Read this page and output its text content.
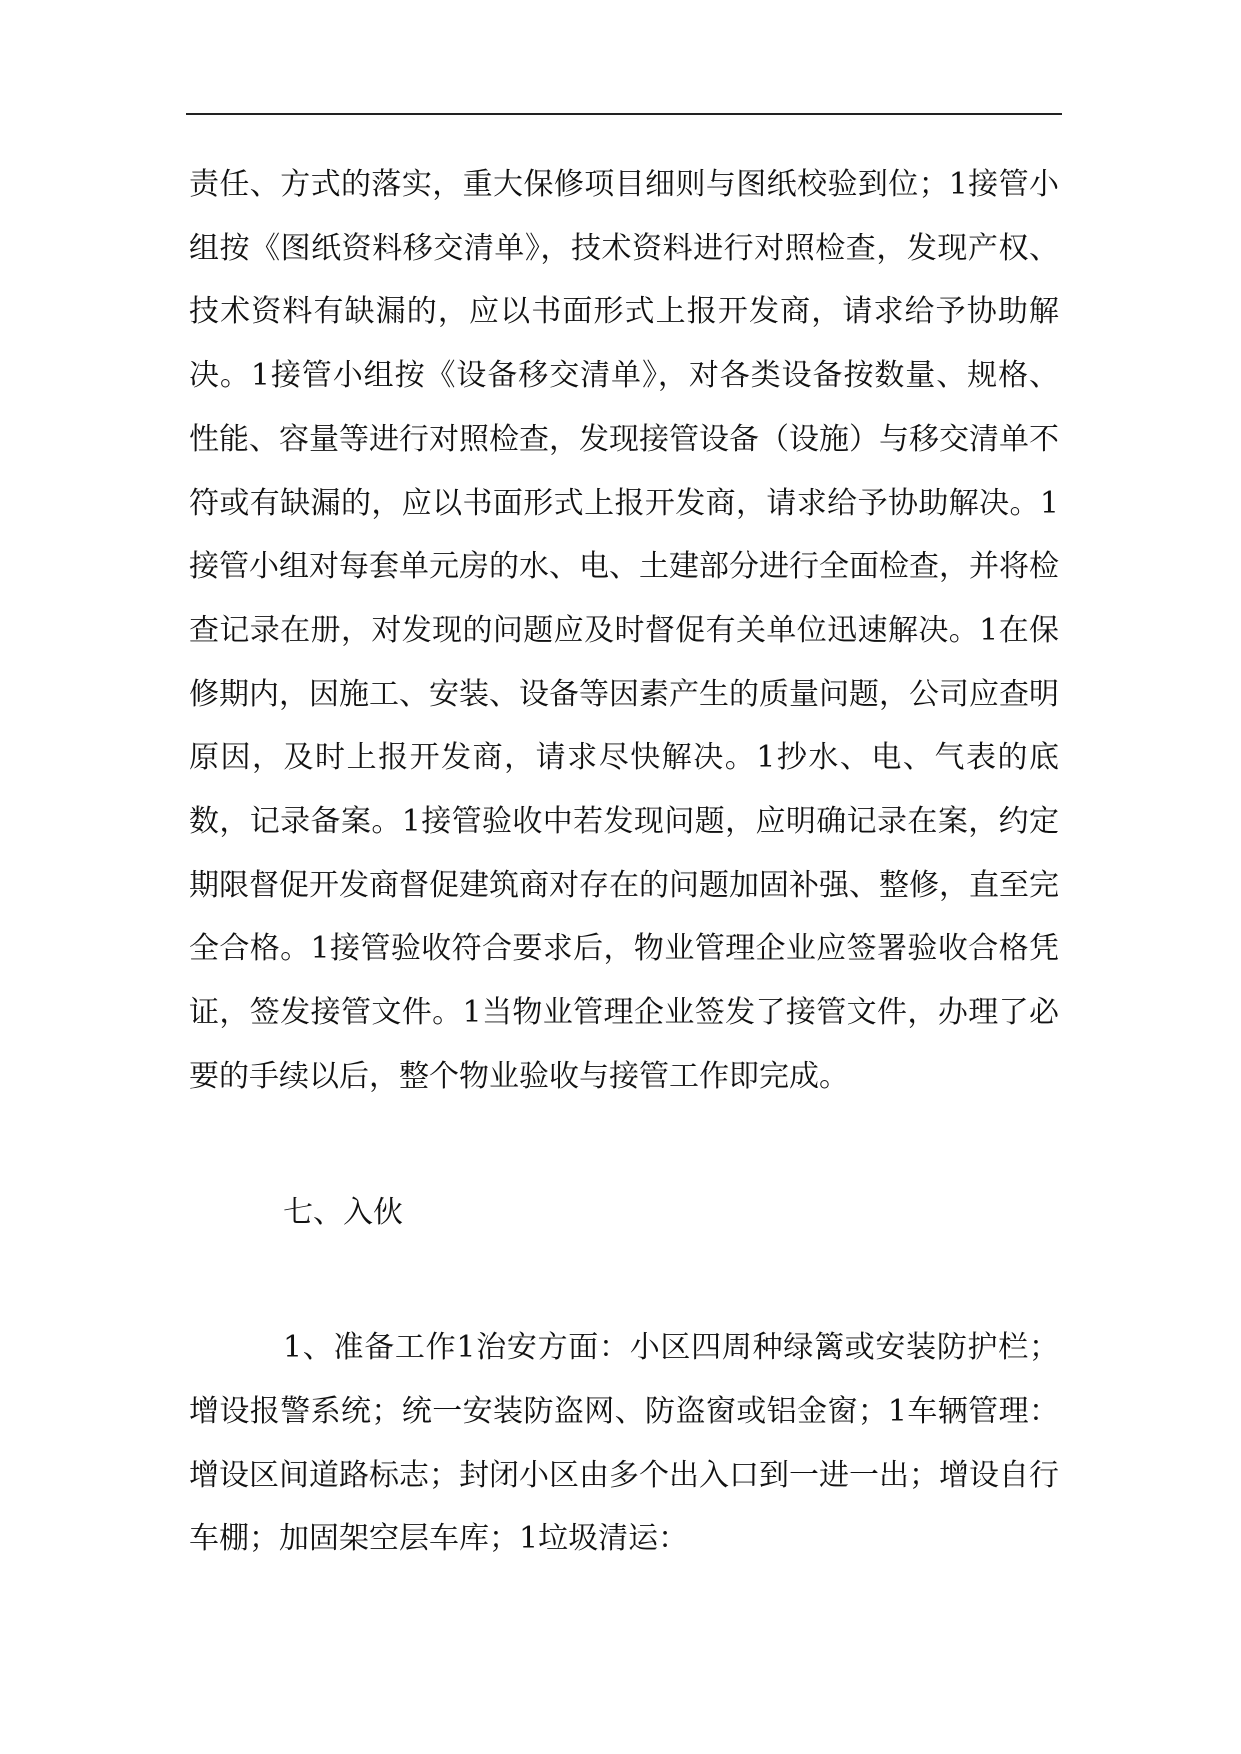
责任、方式的落实，重大保修项目细则与图纸校验到位；1接管小组按《图纸资料移交清单》，技术资料进行对照检查，发现产权、技术资料有缺漏的，应以书面形式上报开发商，请求给予协助解决。1接管小组按《设备移交清单》，对各类设备按数量、规格、性能、容量等进行对照检查，发现接管设备（设施）与移交清单不符或有缺漏的，应以书面形式上报开发商，请求给予协助解决。1接管小组对每套单元房的水、电、土建部分进行全面检查，并将检查记录在册，对发现的问题应及时督促有关单位迅速解决。1在保修期内，因施工、安装、设备等因素产生的质量问题，公司应查明原因，及时上报开发商，请求尽快解决。1抄水、电、气表的底数，记录备案。1接管验收中若发现问题，应明确记录在案，约定期限督促开发商督促建筑商对存在的问题加固补强、整修，直至完全合格。1接管验收符合要求后，物业管理企业应签署验收合格凭证，签发接管文件。1当物业管理企业签发了接管文件，办理了必要的手续以后，整个物业验收与接管工作即完成。

七、入伙

1、准备工作1治安方面：小区四周种绿篱或安装防护栏；增设报警系统；统一安装防盗网、防盗窗或铝金窗；1车辆管理：增设区间道路标志；封闭小区由多个出入口到一进一出；增设自行车棚；加固架空层车库；1垃圾清运：
